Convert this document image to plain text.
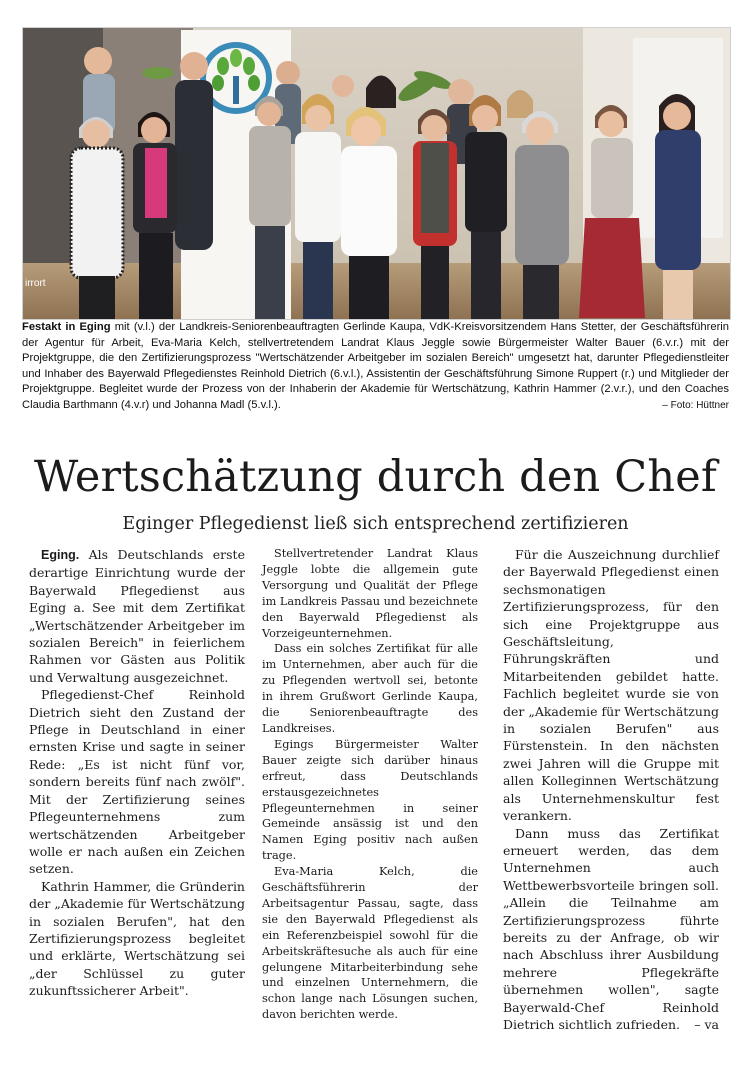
irrort
Festakt in Eging mit (v.l.) der Landkreis-Seniorenbeauftragten Gerlinde Kaupa, VdK-Kreisvorsitzendem Hans Stetter, der Geschäftsführerin der Agentur für Arbeit, Eva-Maria Kelch, stellvertretendem Landrat Klaus Jeggle sowie Bürgermeister Walter Bauer (6.v.r.) mit der Projektgruppe, die den Zertifizierungsprozess "Wertschätzender Arbeitgeber im sozialen Bereich" umgesetzt hat, darunter Pflegedienstleiter und Inhaber des Bayerwald Pflegedienstes Reinhold Dietrich (6.v.l.), Assistentin der Geschäftsführung Simone Ruppert (r.) und Mitglieder der Projektgruppe. Begleitet wurde der Prozess von der Inhaberin der Akademie für Wertschätzung, Kathrin Hammer (2.v.r.), und den Coaches Claudia Barthmann (4.v.r) und Johanna Madl (5.v.l.).	– Foto: Hüttner
Wertschätzung durch den Chef
Eginger Pflegedienst ließ sich entsprechend zertifizieren

Eging. Als Deutschlands erste derartige Einrichtung wurde der Bayerwald Pflegedienst aus Eging a. See mit dem Zertifikat „Wertschätzender Arbeitgeber im sozialen Bereich" in feierlichem Rahmen vor Gästen aus Politik und Verwaltung ausgezeichnet.

Pflegedienst-Chef Reinhold Dietrich sieht den Zustand der Pflege in Deutschland in einer ernsten Krise und sagte in seiner Rede: „Es ist nicht fünf vor, sondern bereits fünf nach zwölf". Mit der Zertifizierung seines Pflegeunternehmens zum wertschätzenden Arbeitgeber wolle er nach außen ein Zeichen setzen.

Kathrin Hammer, die Gründerin der „Akademie für Wertschätzung in sozialen Berufen", hat den Zertifizierungsprozess begleitet und erklärte, Wertschätzung sei „der Schlüssel zu guter zukunftssicherer Arbeit".

Stellvertretender Landrat Klaus Jeggle lobte die allgemein gute Versorgung und Qualität der Pflege im Landkreis Passau und bezeichnete den Bayerwald Pflegedienst als Vorzeigeunternehmen.

Dass ein solches Zertifikat für alle im Unternehmen, aber auch für die zu Pflegenden wertvoll sei, betonte in ihrem Grußwort Gerlinde Kaupa, die Seniorenbeauftragte des Landkreises.

Egings Bürgermeister Walter Bauer zeigte sich darüber hinaus erfreut, dass Deutschlands erstausgezeichnetes Pflegeunternehmen in seiner Gemeinde ansässig ist und den Namen Eging positiv nach außen trage.

Eva-Maria Kelch, die Geschäftsführerin der Arbeitsagentur Passau, sagte, dass sie den Bayerwald Pflegedienst als ein Referenzbeispiel sowohl für die Arbeitskräftesuche als auch für eine gelungene Mitarbeiterbindung sehe und einzelnen Unternehmern, die schon lange nach Lösungen suchen, davon berichten werde.

Für die Auszeichnung durchlief der Bayerwald Pflegedienst einen sechsmonatigen Zertifizierungsprozess, für den sich eine Projektgruppe aus Geschäftsleitung, Führungskräften und Mitarbeitenden gebildet hatte. Fachlich begleitet wurde sie von der „Akademie für Wertschätzung in sozialen Berufen" aus Fürstenstein. In den nächsten zwei Jahren will die Gruppe mit allen Kolleginnen Wertschätzung als Unternehmenskultur fest verankern.

Dann muss das Zertifikat erneuert werden, das dem Unternehmen auch Wettbewerbsvorteile bringen soll. „Allein die Teilnahme am Zertifizierungsprozess führte bereits zu der Anfrage, ob wir nach Abschluss ihrer Ausbildung mehrere Pflegekräfte übernehmen wollen", sagte Bayerwald-Chef Reinhold Dietrich sichtlich zufrieden.	– va
